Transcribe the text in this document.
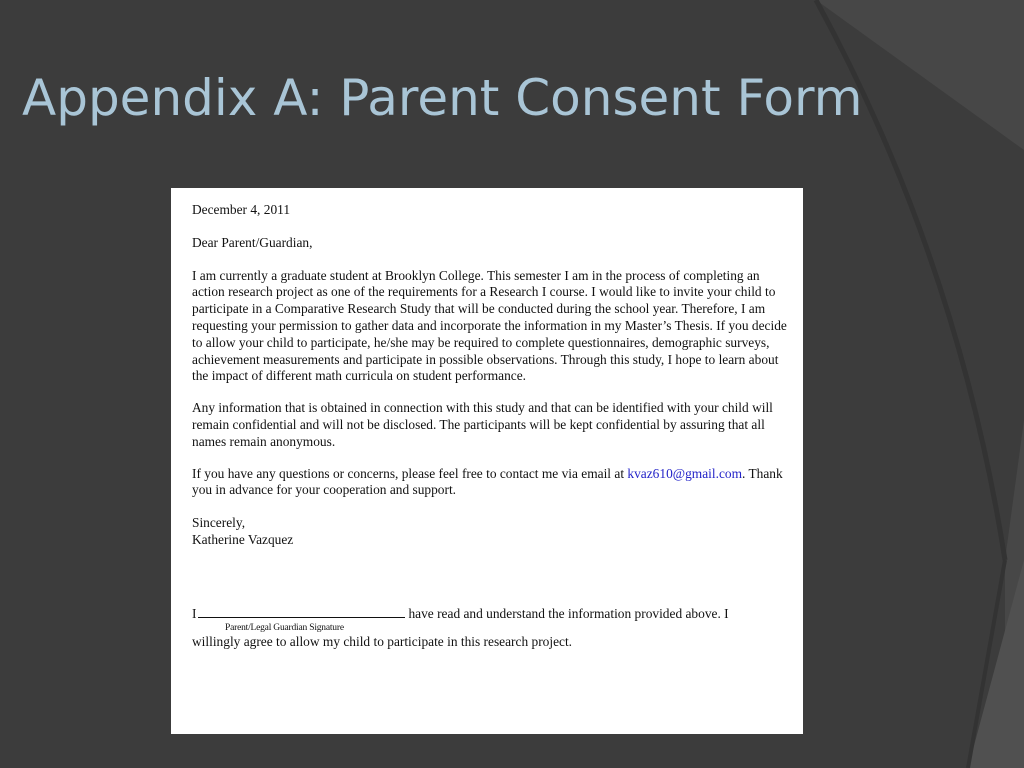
Appendix A: Parent Consent Form

December 4, 2011

Dear Parent/Guardian,

I am currently a graduate student at Brooklyn College. This semester I am in the process of completing an action research project as one of the requirements for a Research I course. I would like to invite your child to participate in a Comparative Research Study that will be conducted during the school year. Therefore, I am requesting your permission to gather data and incorporate the information in my Master’s Thesis. If you decide to allow your child to participate, he/she may be required to complete questionnaires, demographic surveys, achievement measurements and participate in possible observations. Through this study, I hope to learn about the impact of different math curricula on student performance.

Any information that is obtained in connection with this study and that can be identified with your child will remain confidential and will not be disclosed. The participants will be kept confidential by assuring that all names remain anonymous.

If you have any questions or concerns, please feel free to contact me via email at kvaz610@gmail.com. Thank you in advance for your cooperation and support.

Sincerely,

Katherine Vazquez

I	have read and understand the information provided above. I

Parent/Legal Guardian Signature

willingly agree to allow my child to participate in this research project.
